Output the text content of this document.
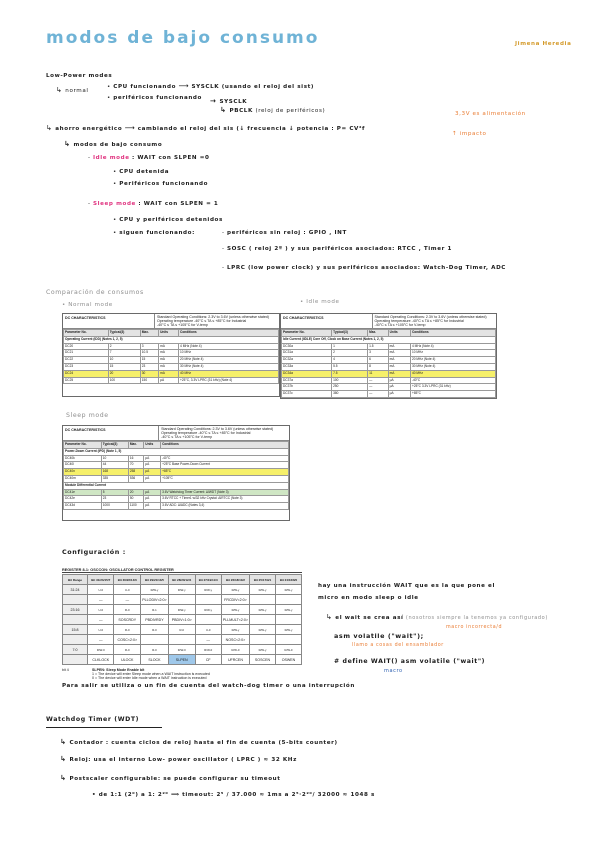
modos de bajo consumo	Jimena Heredia
Low-Power modes
↳ normal
• CPU funcionando ⟶ SYSCLK (usando el reloj del sist)
• periféricos funcionando → SYSCLK
↳ PBCLK (reloj de periféricos)	3,3V es alimentación
↑ impacto
↳ ahorro energético ⟶ cambiando el reloj del sis (↓ frecuencia ↓ potencia : P= CV²f
↳ modos de bajo consumo
- Idle mode : WAIT con SLPEN =0
• CPU detenida
• Periféricos funcionando
- Sleep mode : WAIT con SLPEN = 1
• CPU y periféricos detenidos
• siguen funcionando:	- periféricos sin reloj : GPIO , INT
- SOSC ( reloj 2º ) y sus periféricos asociados: RTCC , Timer 1
- LPRC (low power clock) y sus periféricos asociados: Watch-Dog Timer, ADC
Comparación de consumos
• Normal mode	• Idle mode
DC CHARACTERISTICS	Standard Operating Conditions: 2.3V to 3.6V (unless otherwise stated)
Operating temperature -40°C ≤ TA ≤ +85°C for Industrial
-40°C ≤ TA ≤ +105°C for V-temp
Parameter No.	Typical(3)	Max.	Units	Conditions
Operating Current (IDD) (Notes 1, 2, 5)				
DC20	2	3	mA	4 MHz (Note 4)
DC21	7	10.5	mA	10 MHz
DC22	10	15	mA	20 MHz (Note 4)
DC23	15	23	mA	30 MHz (Note 4)
DC24	20	30	mA	40 MHz
DC25	100	150	μA	+25°C, 3.3V LPRC (31 kHz) (Note 4)
DC CHARACTERISTICS	Standard Operating Conditions: 2.3V to 3.6V (unless otherwise stated)
Operating temperature -40°C ≤ TA ≤ +85°C for Industrial
-40°C ≤ TA ≤ +105°C for V-temp
Parameter No.	Typical(3)	Max.	Units	Conditions
Idle Current (IIDLE) Core Off, Clock on Base Current (Notes 1, 2, 5)				
DC30a	1	1.5	mA	4 MHz (Note 4)
DC31a	2	3	mA	10 MHz
DC32a	4	6	mA	20 MHz (Note 4)
DC33a	5.5	8	mA	30 MHz (Note 4)
DC34a	7.5	11	mA	40 MHz
DC37a	100	—	μA	-40°C
DC37b	250	—	μA	+25°C 3.3V LPRC (31 kHz)
DC37c	380	—	μA	+85°C
Sleep mode
DC CHARACTERISTICS	Standard Operating Conditions: 2.3V to 3.6V (unless otherwise stated)
Operating temperature -40°C ≤ TA ≤ +85°C for Industrial
-40°C ≤ TA ≤ +105°C for V-temp
Parameter No.	Typical(3)	Max.	Units	Conditions
Power-Down Current (IPD) (Note 1, 5)				
DC40k	10	16	μA	-40°C
DC40l	44	70	μA	+25°C Base Power-Down Current
DC40n	168	258	μA	+85°C
DC40m	335	536	μA	+105°C
Module Differential Current				
DC41e	5	20	μA	3.6V Watchdog Timer Current: ΔIWDT (Note 3)
DC42e	23	50	μA	3.6V RTCC + Timer1 w/32 kHz Crystal: ΔIRTCC (Note 3)
DC43d	1000	1100	μA	3.6V ADC: ΔIADC (Notes 3,4)
Configuración :
REGISTER 8-1: OSCCON: OSCILLATOR CONTROL REGISTER
Bit Range	Bit 31/23/15/7	Bit 30/22/14/6	Bit 29/21/13/5	Bit 28/20/12/4	Bit 27/19/11/3	Bit 26/18/10/2	Bit 25/17/9/1	Bit 24/16/8/0
31:24	U-0	U-0	R/W-y	R/W-y	R/W-y	R/W-y	R/W-y	R/W-y
	—	—	PLLODIV<2:0>			FRCDIV<2:0>		
23:16	U-0	R-0	R-1	R/W-y	R/W-y	R/W-y	R/W-y	R/W-y
	—	SOSCRDY	PBDIVRDY	PBDIV<1:0>		PLLMULT<2:0>		
15:8	U-0	R-0	R-0	R-0	U-0	R/W-y	R/W-y	R/W-y
	—	COSC<2:0>			—	NOSC<2:0>		
7:0	R/W-0	R-0	R-0	R/W-0	R/W-0	R/W-0	R/W-y	R/W-0
	CLKLOCK	ULOCK	SLOCK	SLPEN	CF	UFRCEN	SOSCEN	OSWEN
bit 4	SLPEN: Sleep Mode Enable bit
1 = The device will enter Sleep mode when a WAIT instruction is executed
0 = The device will enter Idle mode when a WAIT instruction is executed
hay una instrucción WAIT que es la que pone el
micro en modo sleep o idle
↳ el wait se crea así (nosotros siempre la tenemos ya configurado)
macro incorrecta/d
asm volatile ("wait");
llamo a cosas del ensamblador
# define WAIT() asm volatile ("wait")
macro
Para salir se utiliza o un fin de cuenta del watch-dog timer o una interrupción
Watchdog Timer (WDT)
↳ Contador : cuenta ciclos de reloj hasta el fin de cuenta (5-bits counter)
↳ Reloj: usa el interno Low- power oscillator ( LPRC ) ≈ 32 KHz
↳ Postscaler configurable: se puede configurar su timeout
• de 1:1 (2⁰) a 1: 2²⁰ ⟹ timeout: 2⁵ / 37.000 ≈ 1ms a 2⁵·2²⁰/ 32000 ≈ 1048 s
